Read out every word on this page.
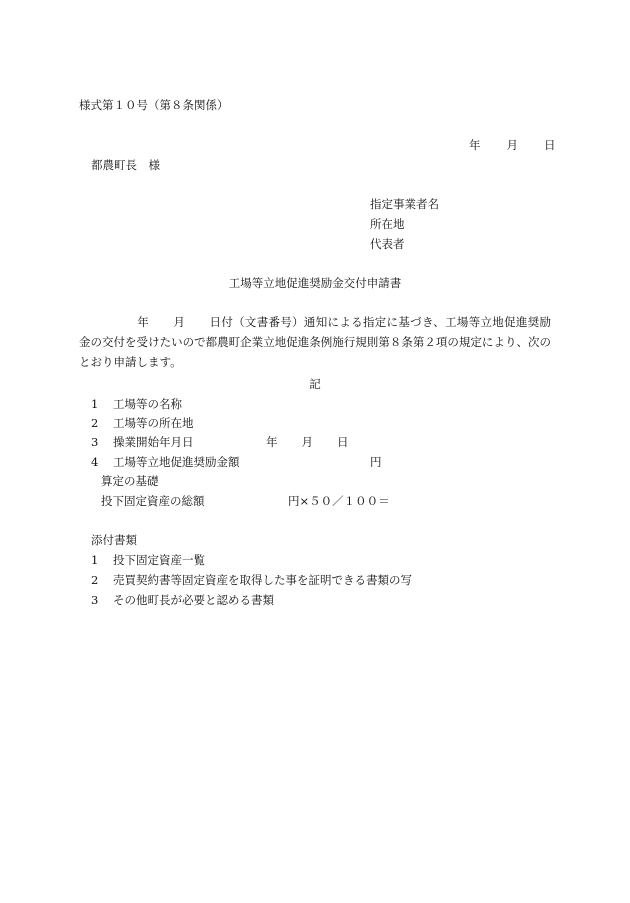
様式第１０号（第８条関係）

年 月 日

都農町長　様

指定事業者名

所在地

代表者

工場等立地促進奨励金交付申請書

年 月 日付（文書番号）通知による指定に基づき、工場等立地促進奨励金の交付を受けたいので都農町企業立地促進条例施行規則第８条第２項の規定により、次のとおり申請します。

記

1 工場等の名称

2 工場等の所在地

3 操業開始年月日	年 月 日

4 工場等立地促進奨励金額	円

算定の基礎

投下固定資産の総額	円×５０／１００＝

添付書類

1 投下固定資産一覧

2 売買契約書等固定資産を取得した事を証明できる書類の写

3 その他町長が必要と認める書類
